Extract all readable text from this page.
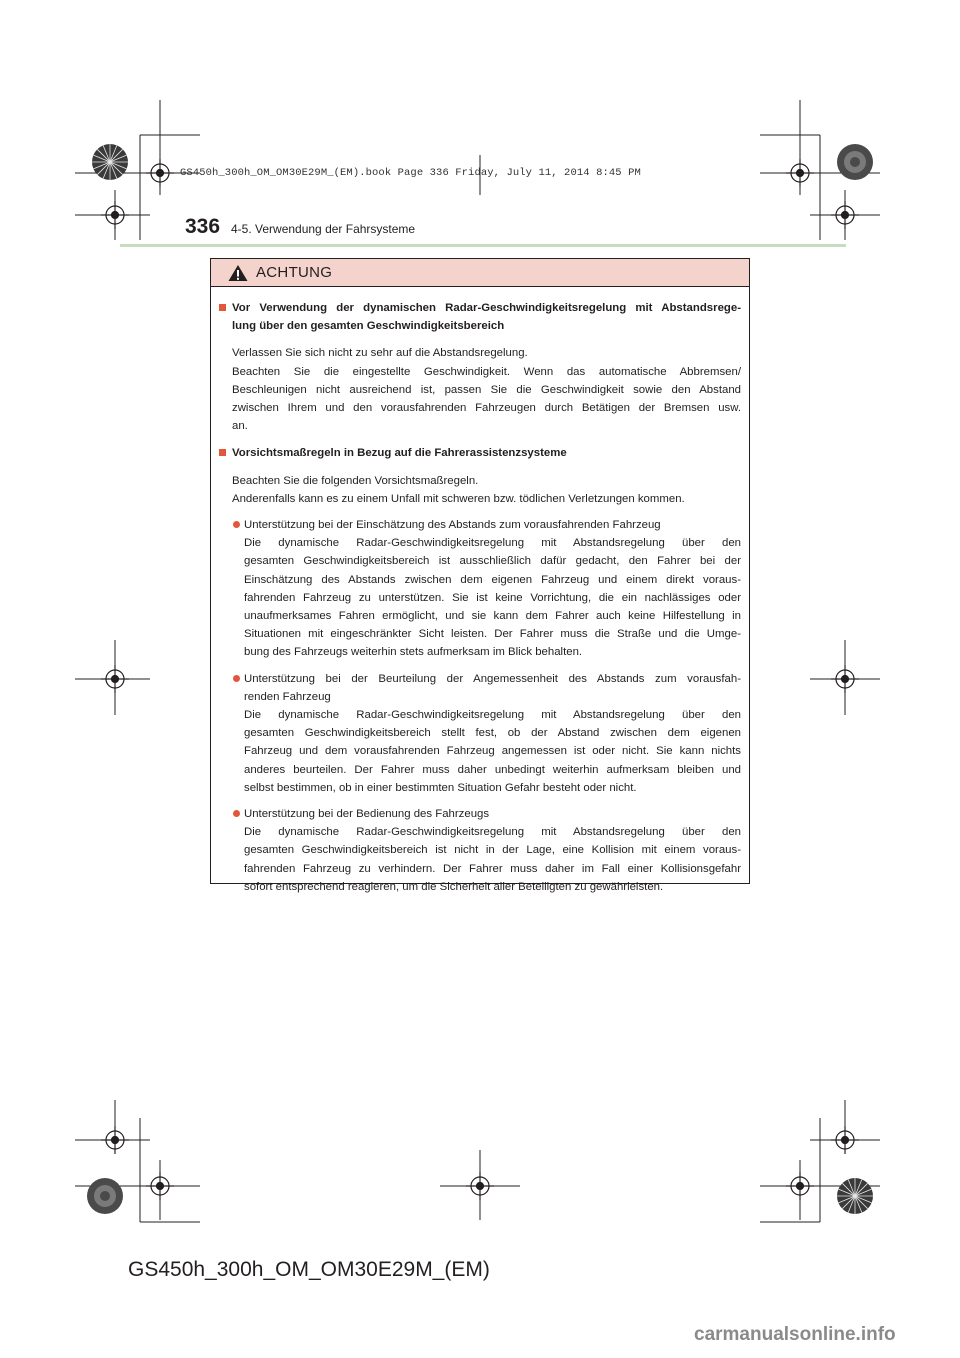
GS450h_300h_OM_OM30E29M_(EM).book Page 336 Friday, July 11, 2014 8:45 PM
336 4-5. Verwendung der Fahrsysteme
ACHTUNG
Vor Verwendung der dynamischen Radar-Geschwindigkeitsregelung mit Abstandsrege-
lung über den gesamten Geschwindigkeitsbereich
Verlassen Sie sich nicht zu sehr auf die Abstandsregelung.
Beachten Sie die eingestellte Geschwindigkeit. Wenn das automatische Abbremsen/
Beschleunigen nicht ausreichend ist, passen Sie die Geschwindigkeit sowie den Abstand
zwischen Ihrem und den vorausfahrenden Fahrzeugen durch Betätigen der Bremsen usw.
an.
Vorsichtsmaßregeln in Bezug auf die Fahrerassistenzsysteme
Beachten Sie die folgenden Vorsichtsmaßregeln.
Anderenfalls kann es zu einem Unfall mit schweren bzw. tödlichen Verletzungen kommen.
Unterstützung bei der Einschätzung des Abstands zum vorausfahrenden Fahrzeug
Die dynamische Radar-Geschwindigkeitsregelung mit Abstandsregelung über den
gesamten Geschwindigkeitsbereich ist ausschließlich dafür gedacht, den Fahrer bei der
Einschätzung des Abstands zwischen dem eigenen Fahrzeug und einem direkt voraus-
fahrenden Fahrzeug zu unterstützen. Sie ist keine Vorrichtung, die ein nachlässiges oder
unaufmerksames Fahren ermöglicht, und sie kann dem Fahrer auch keine Hilfestellung in
Situationen mit eingeschränkter Sicht leisten. Der Fahrer muss die Straße und die Umge-
bung des Fahrzeugs weiterhin stets aufmerksam im Blick behalten.
Unterstützung bei der Beurteilung der Angemessenheit des Abstands zum vorausfah-
renden Fahrzeug
Die dynamische Radar-Geschwindigkeitsregelung mit Abstandsregelung über den
gesamten Geschwindigkeitsbereich stellt fest, ob der Abstand zwischen dem eigenen
Fahrzeug und dem vorausfahrenden Fahrzeug angemessen ist oder nicht. Sie kann nichts
anderes beurteilen. Der Fahrer muss daher unbedingt weiterhin aufmerksam bleiben und
selbst bestimmen, ob in einer bestimmten Situation Gefahr besteht oder nicht.
Unterstützung bei der Bedienung des Fahrzeugs
Die dynamische Radar-Geschwindigkeitsregelung mit Abstandsregelung über den
gesamten Geschwindigkeitsbereich ist nicht in der Lage, eine Kollision mit einem voraus-
fahrenden Fahrzeug zu verhindern. Der Fahrer muss daher im Fall einer Kollisionsgefahr
sofort entsprechend reagieren, um die Sicherheit aller Beteiligten zu gewährleisten.
GS450h_300h_OM_OM30E29M_(EM)
carmanualsonline.info
